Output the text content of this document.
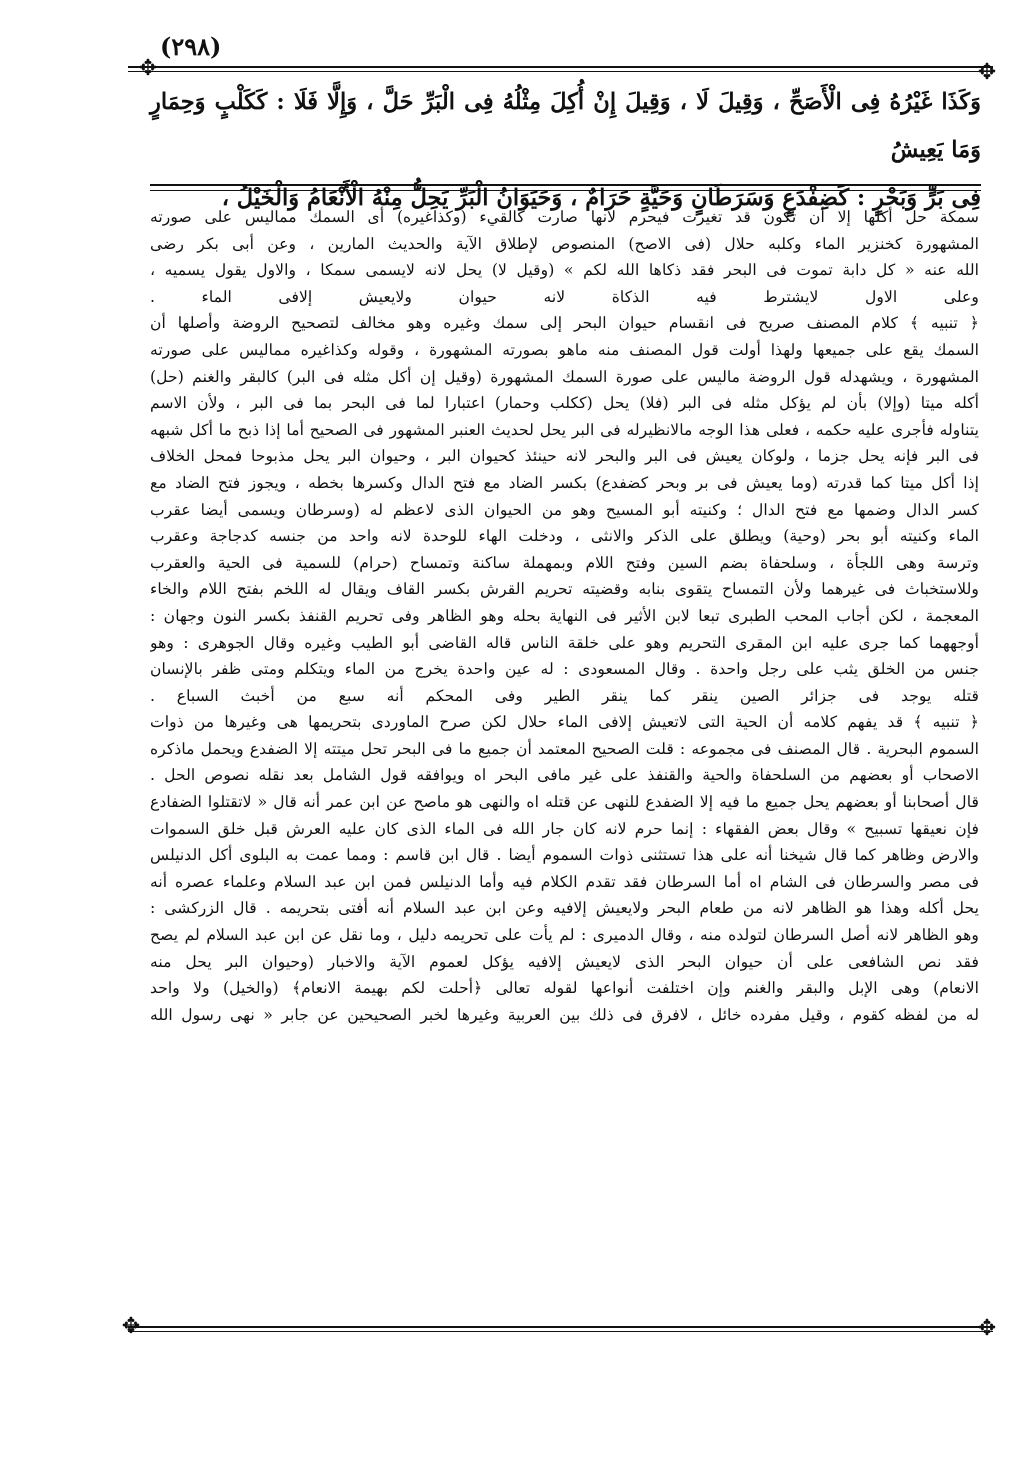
(٢٩٨)
✥	✥
✥	✥

وَكَذَا غَيْرُهُ فِى الْأَصَحِّ ، وَقِيلَ لَا ، وَقِيلَ إِنْ أُكِلَ مِثْلُهُ فِى الْبَرِّ حَلَّ ، وَإِلَّا فَلَا : كَكَلْبٍ وَحِمَارٍ وَمَا يَعِيشُ

فِى بَرٍّ وَبَحْرٍ : كَضِفْدَعٍ وَسَرَطَانٍ وَحَيَّةٍ حَرَامٌ ، وَحَيَوَانُ الْبَرِّ يَحِلُّ مِنْهُ الْأَنْعَامُ وَالْخَيْلُ ،

سمكة حل أكلها إلا أن تكون قد تغيرت فيحرم لانها صارت كالقيء (وكذاغيره) أى السمك ممالیس على صورته
المشهورة كخنزير الماء وكلبه حلال (فى الاصح) المنصوص لإطلاق الآية والحديث المارين ، وعن أبى بكر رضى
الله عنه « كل دابة تموت فى البحر فقد ذكاها الله لكم » (وقيل لا) يحل لانه لايسمى سمكا ، والاول يقول يسميه ،
وعلى الاول لايشترط فيه الذكاة لانه حيوان ولايعيش إلافى الماء .
﴿ تنبيه ﴾ كلام المصنف صريح فى انقسام حيوان البحر إلى سمك وغيره وهو مخالف لتصحيح الروضة وأصلها أن
السمك يقع على جميعها ولهذا أولت قول المصنف منه ماهو بصورته المشهورة ، وقوله وكذاغيره ممالیس على صورته
المشهورة ، ويشهدله قول الروضة مالیس على صورة السمك المشهورة (وقيل إن أكل مثله فى البر) كالبقر والغنم (حل)
أكله ميتا (وإلا) بأن لم يؤكل مثله فى البر (فلا) يحل (ككلب وحمار) اعتبارا لما فى البحر بما فى البر ، ولأن الاسم
يتناوله فأجرى عليه حكمه ، فعلى هذا الوجه مالانظيرله فى البر يحل لحديث العنبر المشهور فى الصحيح أما إذا ذبح ما أكل شبهه
فى البر فإنه يحل جزما ، ولوكان يعيش فى البر والبحر لانه حينئذ كحيوان البر ، وحيوان البر يحل مذبوحا فمحل الخلاف
إذا أكل ميتا كما قدرته (وما يعيش فى بر وبحر كضفدع) بكسر الضاد مع فتح الدال وكسرها بخطه ، ويجوز فتح الضاد مع
كسر الدال وضمها مع فتح الدال ؛ وكنيته أبو المسيح وهو من الحيوان الذى لاعظم له (وسرطان ويسمى أيضا عقرب
الماء وكنيته أبو بحر (وحية) ويطلق على الذكر والانثى ، ودخلت الهاء للوحدة لانه واحد من جنسه كدجاجة وعقرب
وترسة وهى اللجأة ، وسلحفاة بضم السين وفتح اللام وبمهملة ساكنة وتمساح (حرام) للسمية فى الحية والعقرب
وللاستخباث فى غيرهما ولأن التمساح يتقوى بنابه وقضيته تحريم القرش بكسر القاف ويقال له اللخم بفتح اللام والخاء
المعجمة ، لكن أجاب المحب الطبرى تبعا لابن الأثير فى النهاية بحله وهو الظاهر وفى تحريم القنفذ بكسر النون وجهان :
أوجههما كما جرى عليه ابن المقرى التحريم وهو على خلقة الناس قاله القاضى أبو الطيب وغيره وقال الجوهرى : وهو
جنس من الخلق يثب على رجل واحدة . وقال المسعودى : له عين واحدة يخرج من الماء ويتكلم ومتى ظفر بالإنسان
قتله يوجد فى جزائر الصين ينقر كما ينقر الطير وفى المحكم أنه سبع من أخبث السباع .
﴿ تنبيه ﴾ قد يفهم كلامه أن الحية التى لاتعيش إلافى الماء حلال لكن صرح الماوردى بتحريمها هى وغيرها من ذوات
السموم البحرية . قال المصنف فى مجموعه : قلت الصحيح المعتمد أن جميع ما فى البحر تحل ميتته إلا الضفدع ويحمل ماذكره
الاصحاب أو بعضهم من السلحفاة والحية والقنفذ على غير مافى البحر اه ويوافقه قول الشامل بعد نقله نصوص الحل .
قال أصحابنا أو بعضهم يحل جميع ما فيه إلا الضفدع للنهى عن قتله اه والنهى هو ماصح عن ابن عمر أنه قال « لاتقتلوا الضفادع
فإن نعيقها تسبيح » وقال بعض الفقهاء : إنما حرم لانه كان جار الله فى الماء الذى كان عليه العرش قبل خلق السموات
والارض وظاهر كما قال شيخنا أنه على هذا تستثنى ذوات السموم أيضا . قال ابن قاسم : ومما عمت به البلوى أكل الدنيلس
فى مصر والسرطان فى الشام اه أما السرطان فقد تقدم الكلام فيه وأما الدنيلس فمن ابن عبد السلام وعلماء عصره أنه
يحل أكله وهذا هو الظاهر لانه من طعام البحر ولايعيش إلافيه وعن ابن عبد السلام أنه أفتى بتحريمه . قال الزركشى :
وهو الظاهر لانه أصل السرطان لتولده منه ، وقال الدميرى : لم يأت على تحريمه دليل ، وما نقل عن ابن عبد السلام لم يصح
فقد نص الشافعى على أن حيوان البحر الذى لايعيش إلافيه يؤكل لعموم الآية والاخبار (وحيوان البر يحل منه
الانعام) وهى الإبل والبقر والغنم وإن اختلفت أنواعها لقوله تعالى ﴿أحلت لكم بهيمة الانعام﴾ (والخيل) ولا واحد
له من لفظه كقوم ، وقيل مفرده خائل ، لافرق فى ذلك بين العربية وغيرها لخبر الصحيحين عن جابر « نهى رسول الله
